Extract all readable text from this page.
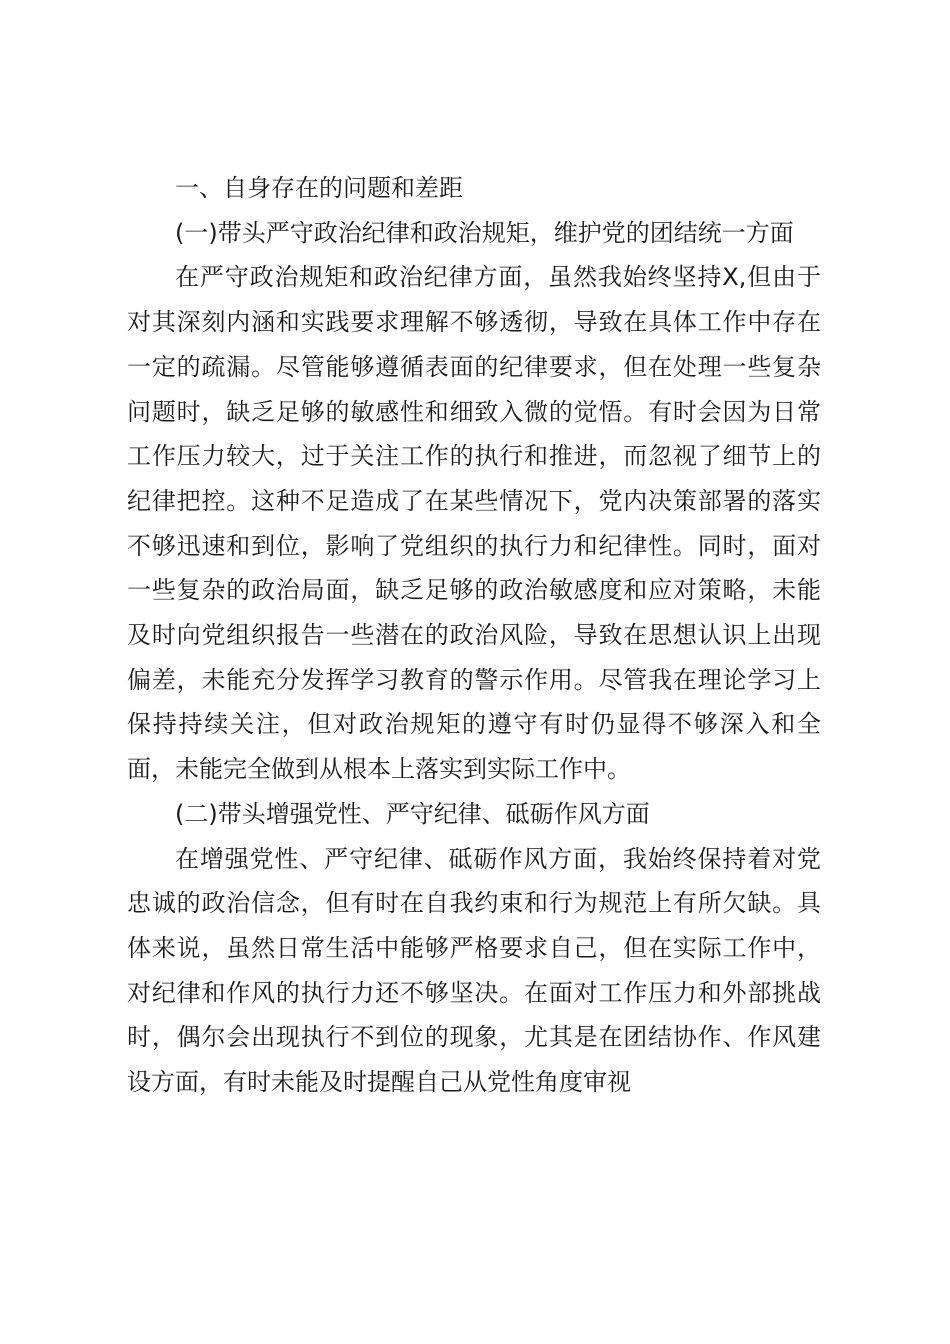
一、自身存在的问题和差距

(一)带头严守政治纪律和政治规矩，维护党的团结统一方面

在严守政治规矩和政治纪律方面，虽然我始终坚持X,但由于对其深刻内涵和实践要求理解不够透彻，导致在具体工作中存在一定的疏漏。尽管能够遵循表面的纪律要求，但在处理一些复杂问题时，缺乏足够的敏感性和细致入微的觉悟。有时会因为日常工作压力较大，过于关注工作的执行和推进，而忽视了细节上的纪律把控。这种不足造成了在某些情况下，党内决策部署的落实不够迅速和到位，影响了党组织的执行力和纪律性。同时，面对一些复杂的政治局面，缺乏足够的政治敏感度和应对策略，未能及时向党组织报告一些潜在的政治风险，导致在思想认识上出现偏差，未能充分发挥学习教育的警示作用。尽管我在理论学习上保持持续关注，但对政治规矩的遵守有时仍显得不够深入和全面，未能完全做到从根本上落实到实际工作中。

(二)带头增强党性、严守纪律、砥砺作风方面

在增强党性、严守纪律、砥砺作风方面，我始终保持着对党忠诚的政治信念，但有时在自我约束和行为规范上有所欠缺。具体来说，虽然日常生活中能够严格要求自己，但在实际工作中，对纪律和作风的执行力还不够坚决。在面对工作压力和外部挑战时，偶尔会出现执行不到位的现象，尤其是在团结协作、作风建设方面，有时未能及时提醒自己从党性角度审视
